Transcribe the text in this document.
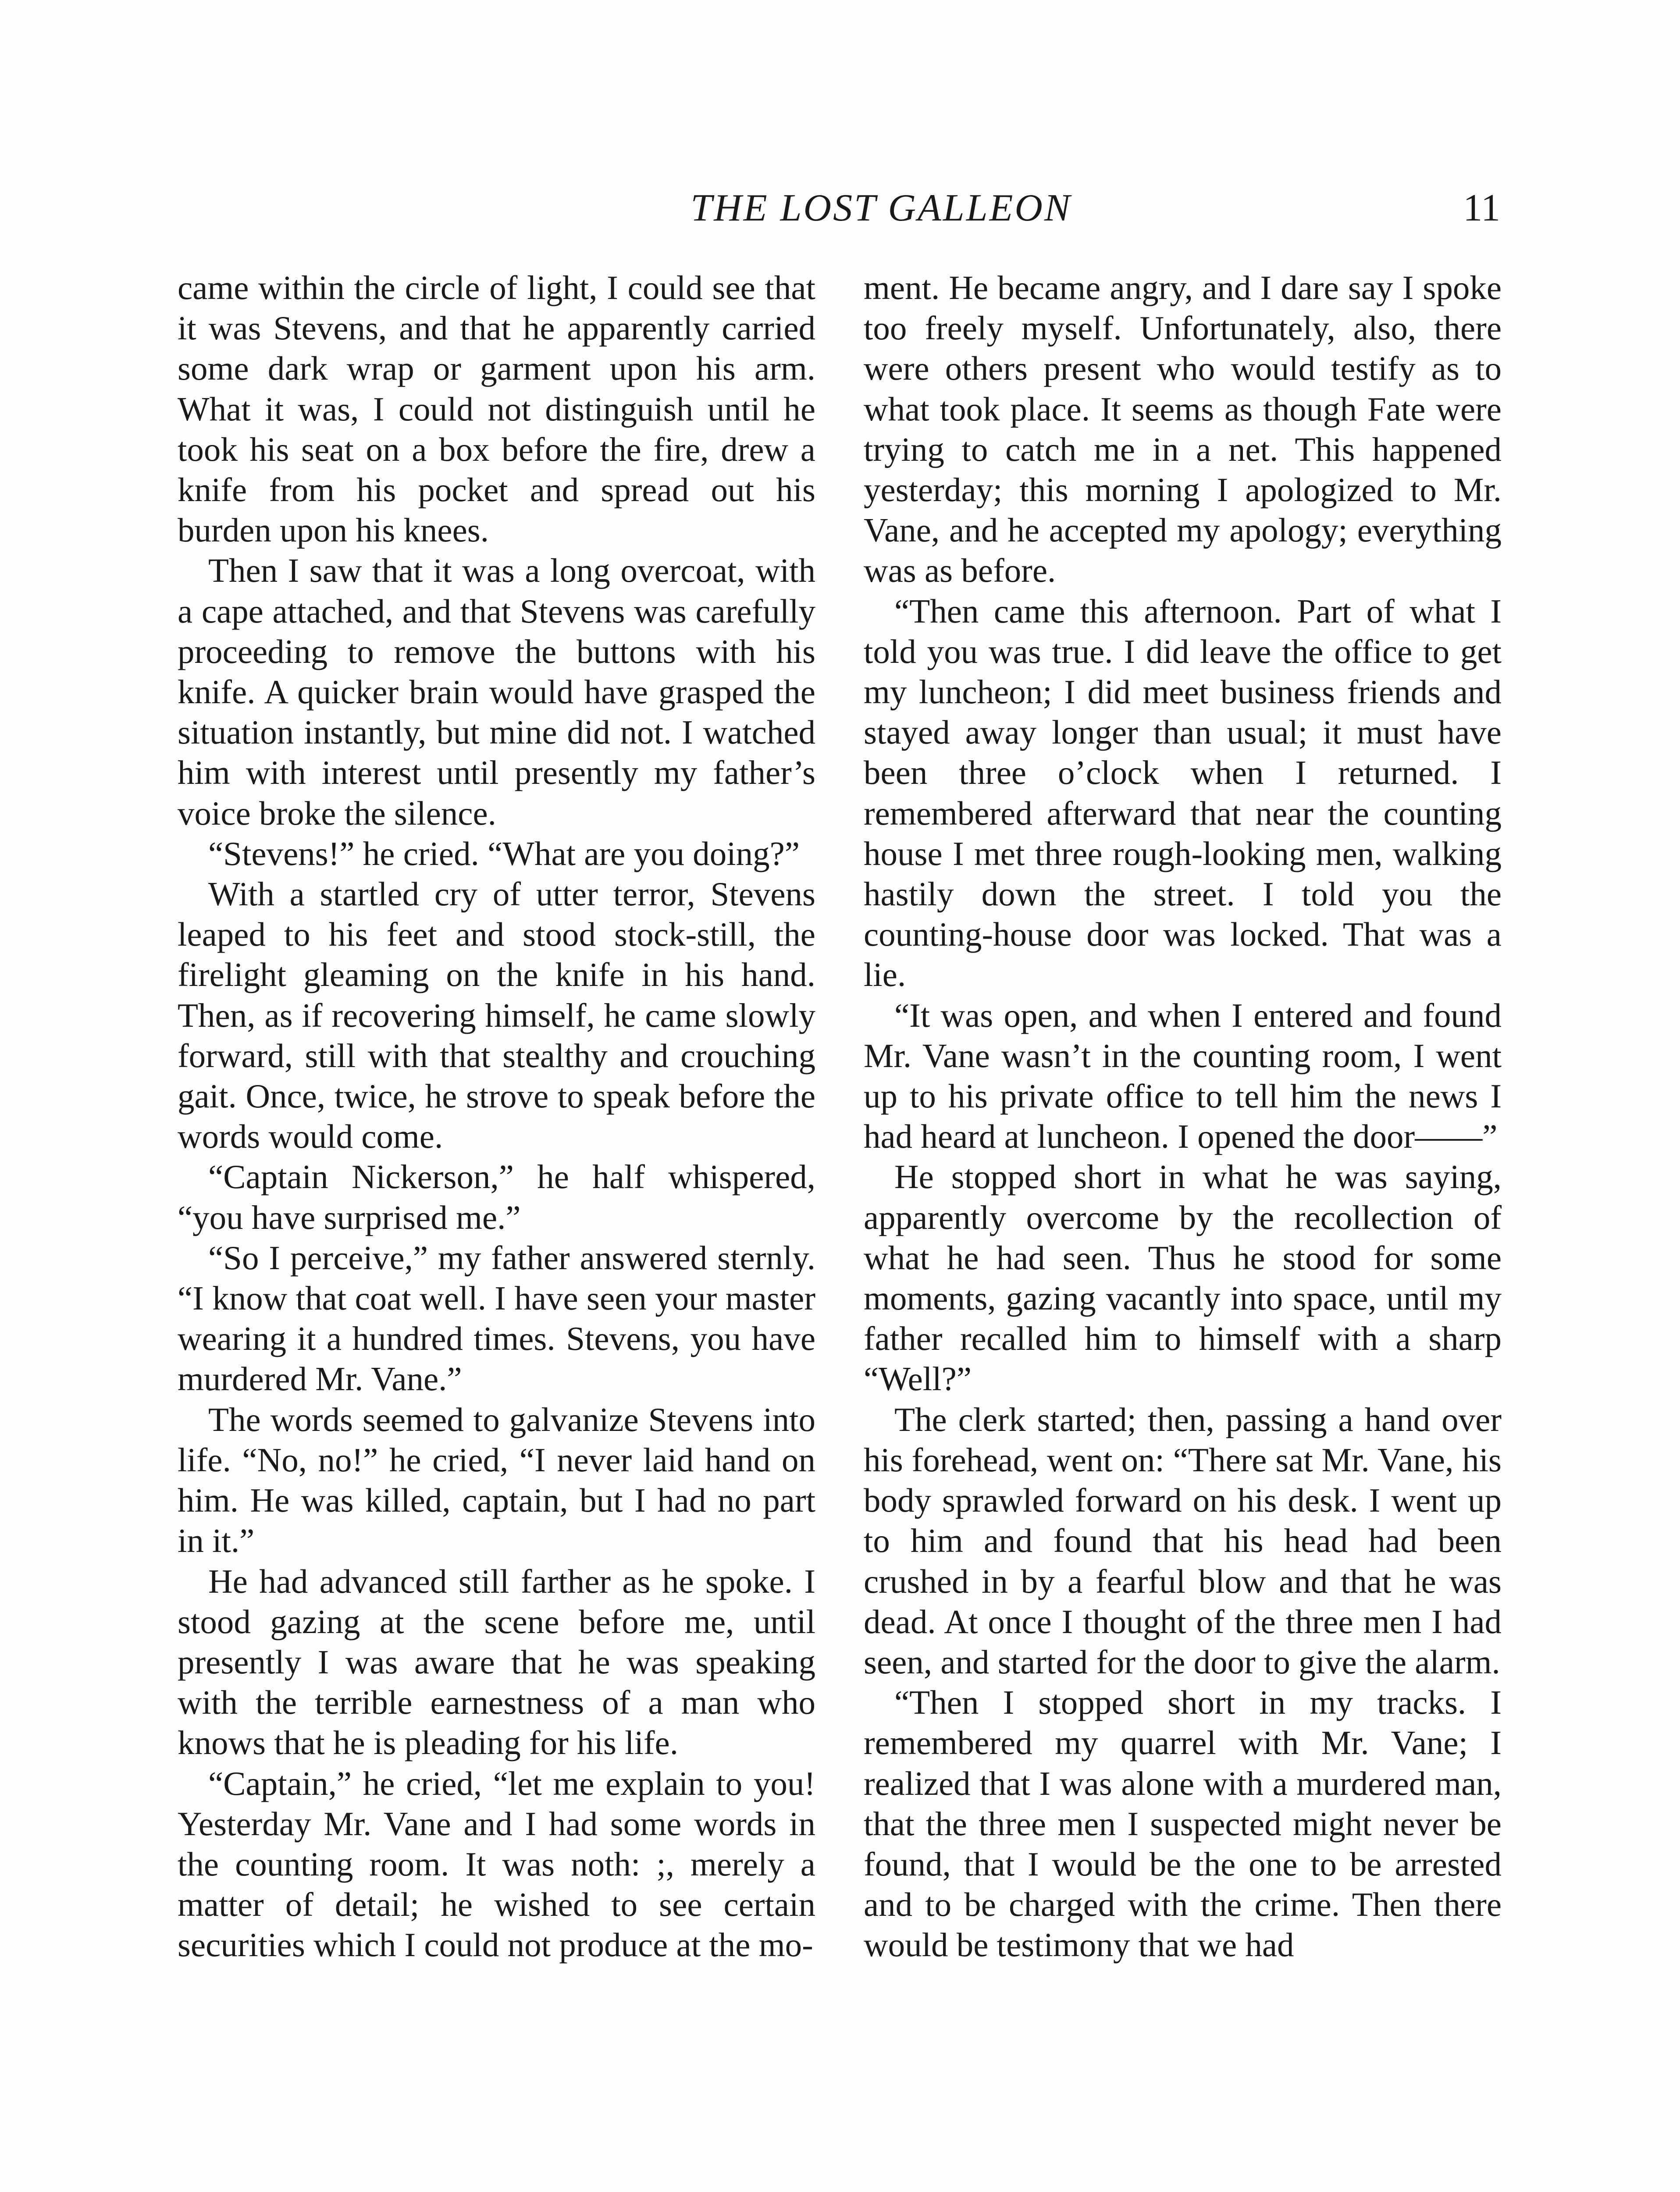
THE LOST GALLEON	11

came within the circle of light, I could see that it was Stevens, and that he apparently carried some dark wrap or garment upon his arm. What it was, I could not distinguish until he took his seat on a box before the fire, drew a knife from his pocket and spread out his burden upon his knees.

Then I saw that it was a long overcoat, with a cape attached, and that Stevens was carefully proceeding to remove the buttons with his knife. A quicker brain would have grasped the situation instantly, but mine did not. I watched him with interest until presently my father’s voice broke the silence.

“Stevens!” he cried. “What are you doing?”

With a startled cry of utter terror, Stevens leaped to his feet and stood stock-still, the firelight gleaming on the knife in his hand. Then, as if recovering himself, he came slowly forward, still with that stealthy and crouching gait. Once, twice, he strove to speak before the words would come.

“Captain Nickerson,” he half whispered, “you have surprised me.”

“So I perceive,” my father answered sternly. “I know that coat well. I have seen your master wearing it a hundred times. Stevens, you have murdered Mr. Vane.”

The words seemed to galvanize Stevens into life. “No, no!” he cried, “I never laid hand on him. He was killed, captain, but I had no part in it.”

He had advanced still farther as he spoke. I stood gazing at the scene before me, until presently I was aware that he was speaking with the terrible earnestness of a man who knows that he is pleading for his life.

“Captain,” he cried, “let me explain to you! Yesterday Mr. Vane and I had some words in the counting room. It was noth: ;, merely a matter of detail; he wished to see certain securities which I could not produce at the mo-

ment. He became angry, and I dare say I spoke too freely myself. Unfortunately, also, there were others present who would testify as to what took place. It seems as though Fate were trying to catch me in a net. This happened yesterday; this morning I apologized to Mr. Vane, and he accepted my apology; everything was as before.

“Then came this afternoon. Part of what I told you was true. I did leave the office to get my luncheon; I did meet business friends and stayed away longer than usual; it must have been three o’clock when I returned. I remembered afterward that near the counting house I met three rough-looking men, walking hastily down the street. I told you the counting-house door was locked. That was a lie.

“It was open, and when I entered and found Mr. Vane wasn’t in the counting room, I went up to his private office to tell him the news I had heard at luncheon. I opened the door——”

He stopped short in what he was saying, apparently overcome by the recollection of what he had seen. Thus he stood for some moments, gazing vacantly into space, until my father recalled him to himself with a sharp “Well?”

The clerk started; then, passing a hand over his forehead, went on: “There sat Mr. Vane, his body sprawled forward on his desk. I went up to him and found that his head had been crushed in by a fearful blow and that he was dead. At once I thought of the three men I had seen, and started for the door to give the alarm.

“Then I stopped short in my tracks. I remembered my quarrel with Mr. Vane; I realized that I was alone with a murdered man, that the three men I suspected might never be found, that I would be the one to be arrested and to be charged with the crime. Then there would be testimony that we had
